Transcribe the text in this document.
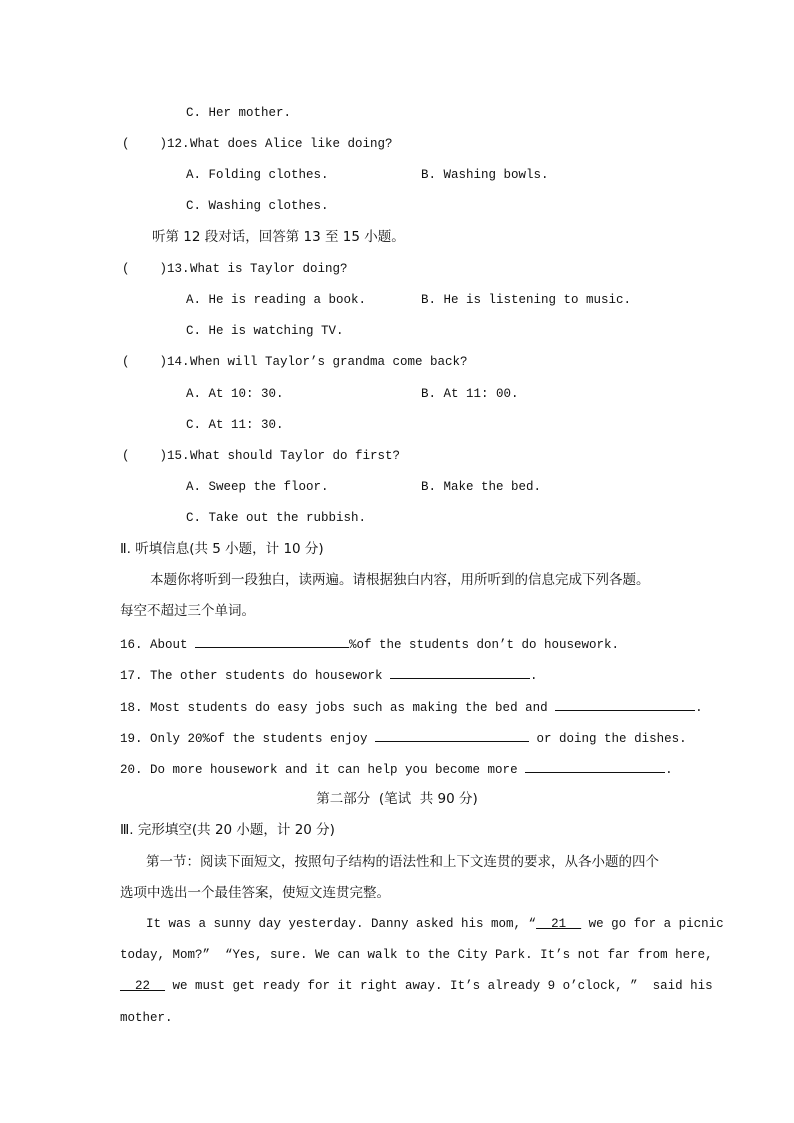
C. Her mother.
(    )12. What does Alice like doing?
A. Folding clothes.	B. Washing bowls.
C. Washing clothes.
听第 12 段对话，回答第 13 至 15 小题。
(    )13. What is Taylor doing?
A. He is reading a book.	B. He is listening to music.
C. He is watching TV.
(    )14. When will Taylor’s grandma come back?
A. At 10: 30.	B. At 11: 00.
C. At 11: 30.
(    )15. What should Taylor do first?
A. Sweep the floor.	B. Make the bed.
C. Take out the rubbish.
Ⅱ. 听填信息(共 5 小题，计 10 分)
本题你将听到一段独白，读两遍。请根据独白内容，用所听到的信息完成下列各题。
每空不超过三个单词。
16. About	%of the students don’t do housework.
17. The other students do housework	.
18. Most students do easy jobs such as making the bed and	.
19. Only 20%of the students enjoy	or doing the dishes.
20. Do more housework and it can help you become more	.
第二部分  (笔试  共 90 分)
Ⅲ. 完形填空(共 20 小题，计 20 分)
第一节：阅读下面短文，按照句子结构的语法性和上下文连贯的要求，从各小题的四个
选项中选出一个最佳答案，使短文连贯完整。
It was a sunny day yesterday. Danny asked his mom, “__21__ we go for a picnic
today, Mom?”  “Yes, sure. We can walk to the City Park. It’s not far from here,
__22__ we must get ready for it right away. It’s already 9 o’clock, ”  said his
mother.
